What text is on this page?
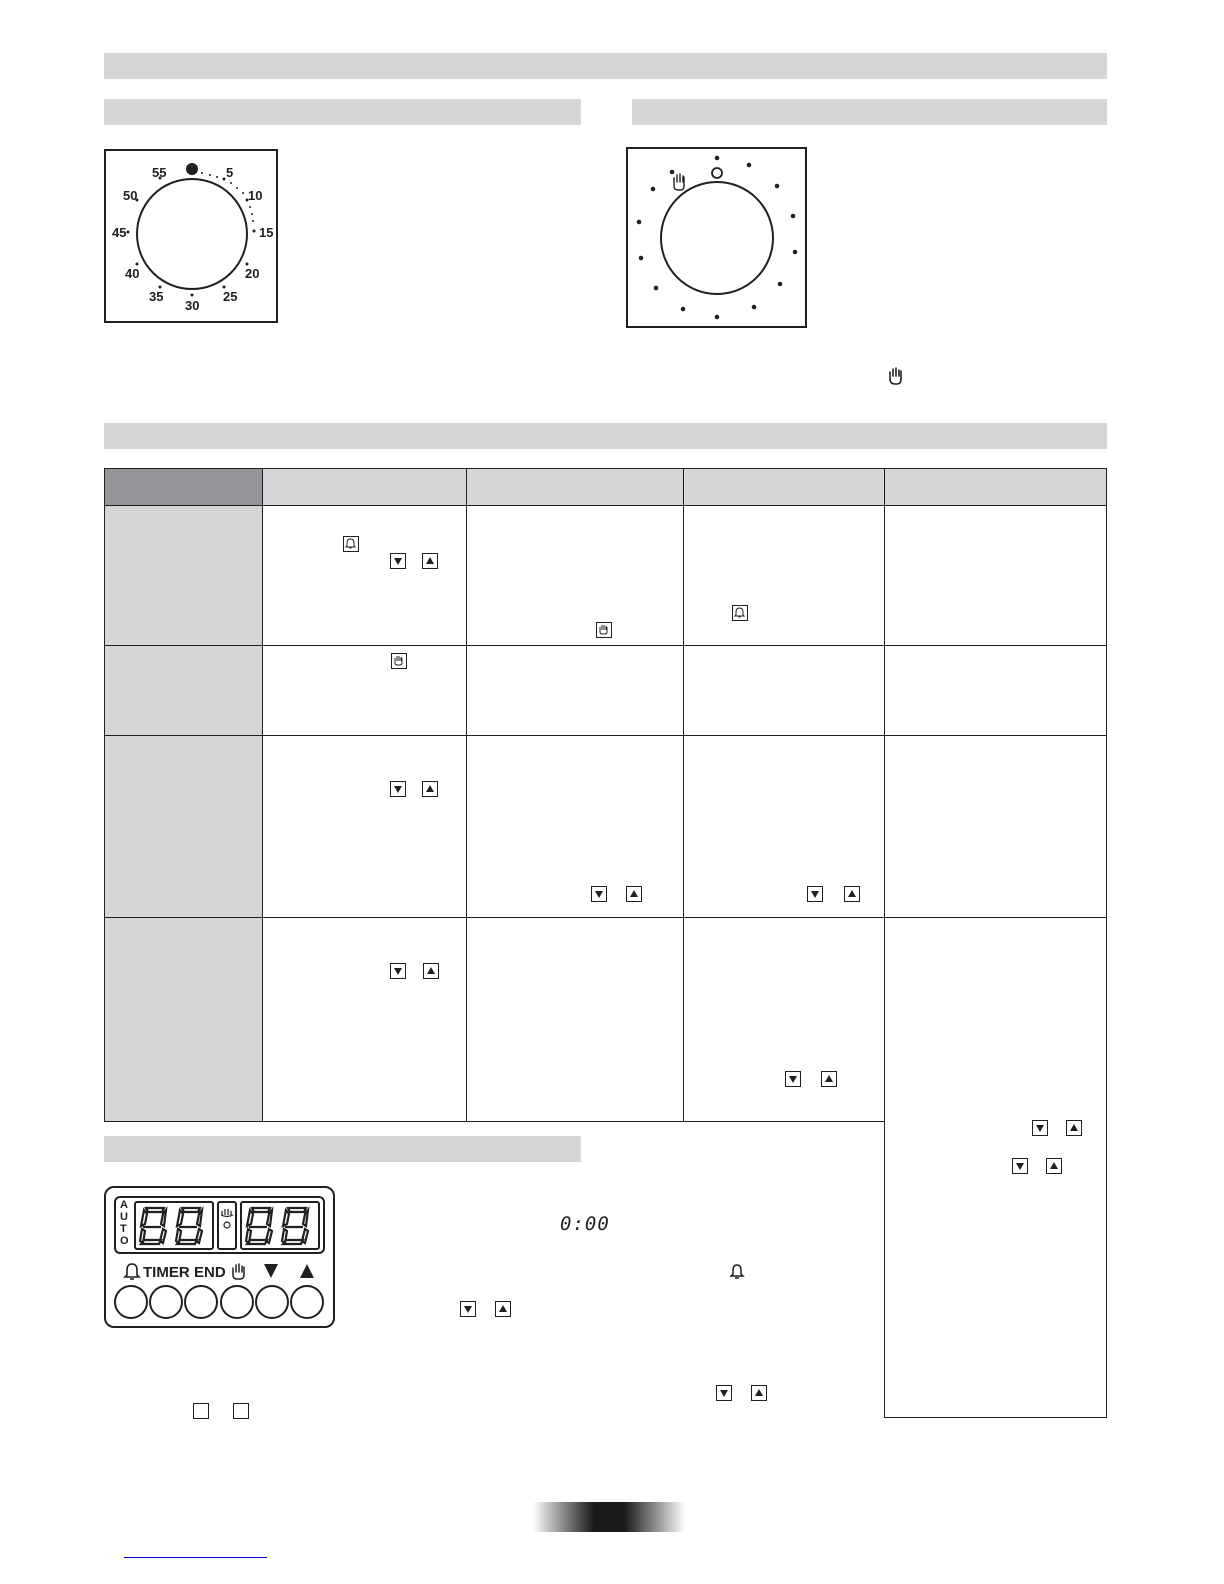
55	5
10
15
20
25
30
35
40
45
50
A
U
T
O
TIMER END
0:00
